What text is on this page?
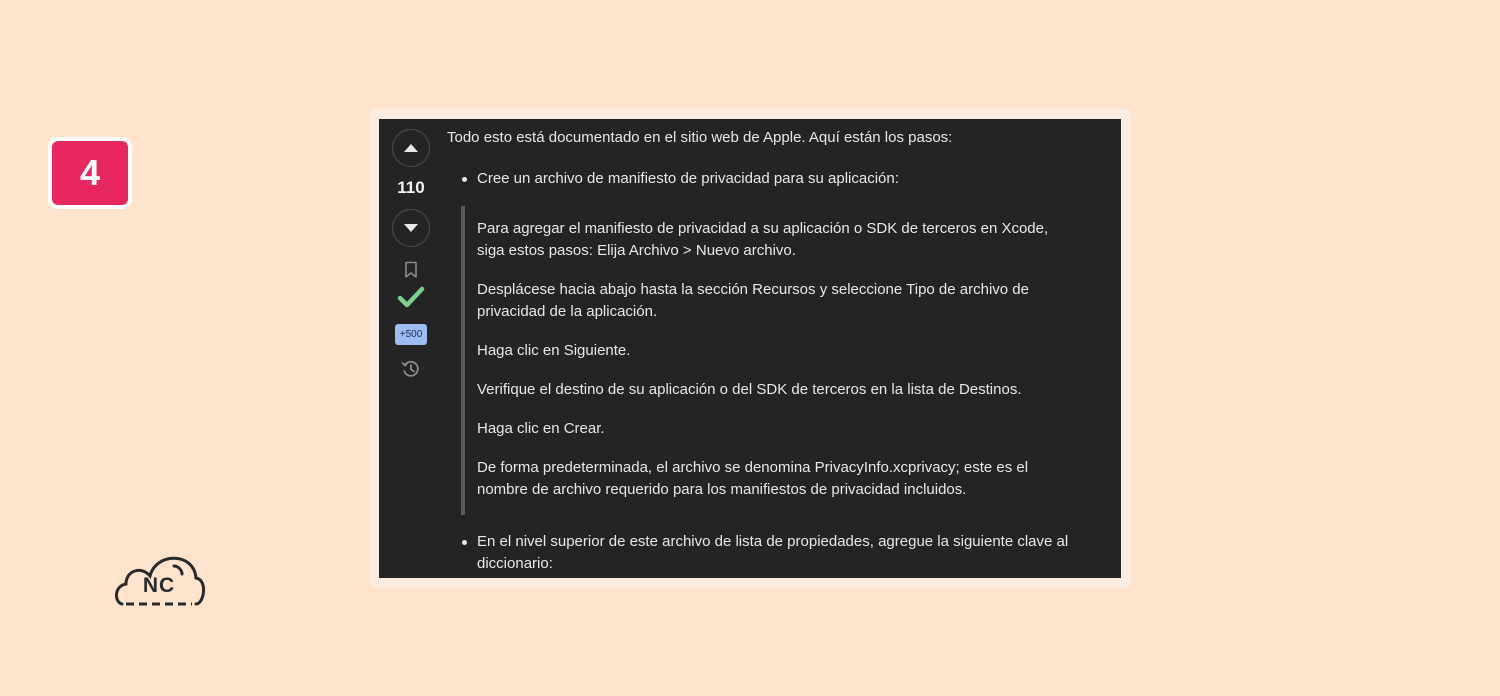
4
NC
110
+500
Todo esto está documentado en el sitio web de Apple. Aquí están los pasos:
Cree un archivo de manifiesto de privacidad para su aplicación:

Para agregar el manifiesto de privacidad a su aplicación o SDK de terceros en Xcode, siga estos pasos: Elija Archivo > Nuevo archivo.

Desplácese hacia abajo hasta la sección Recursos y seleccione Tipo de archivo de privacidad de la aplicación.

Haga clic en Siguiente.

Verifique el destino de su aplicación o del SDK de terceros en la lista de Destinos.

Haga clic en Crear.

De forma predeterminada, el archivo se denomina PrivacyInfo.xcprivacy; este es el nombre de archivo requerido para los manifiestos de privacidad incluidos.

En el nivel superior de este archivo de lista de propiedades, agregue la siguiente clave al diccionario:
